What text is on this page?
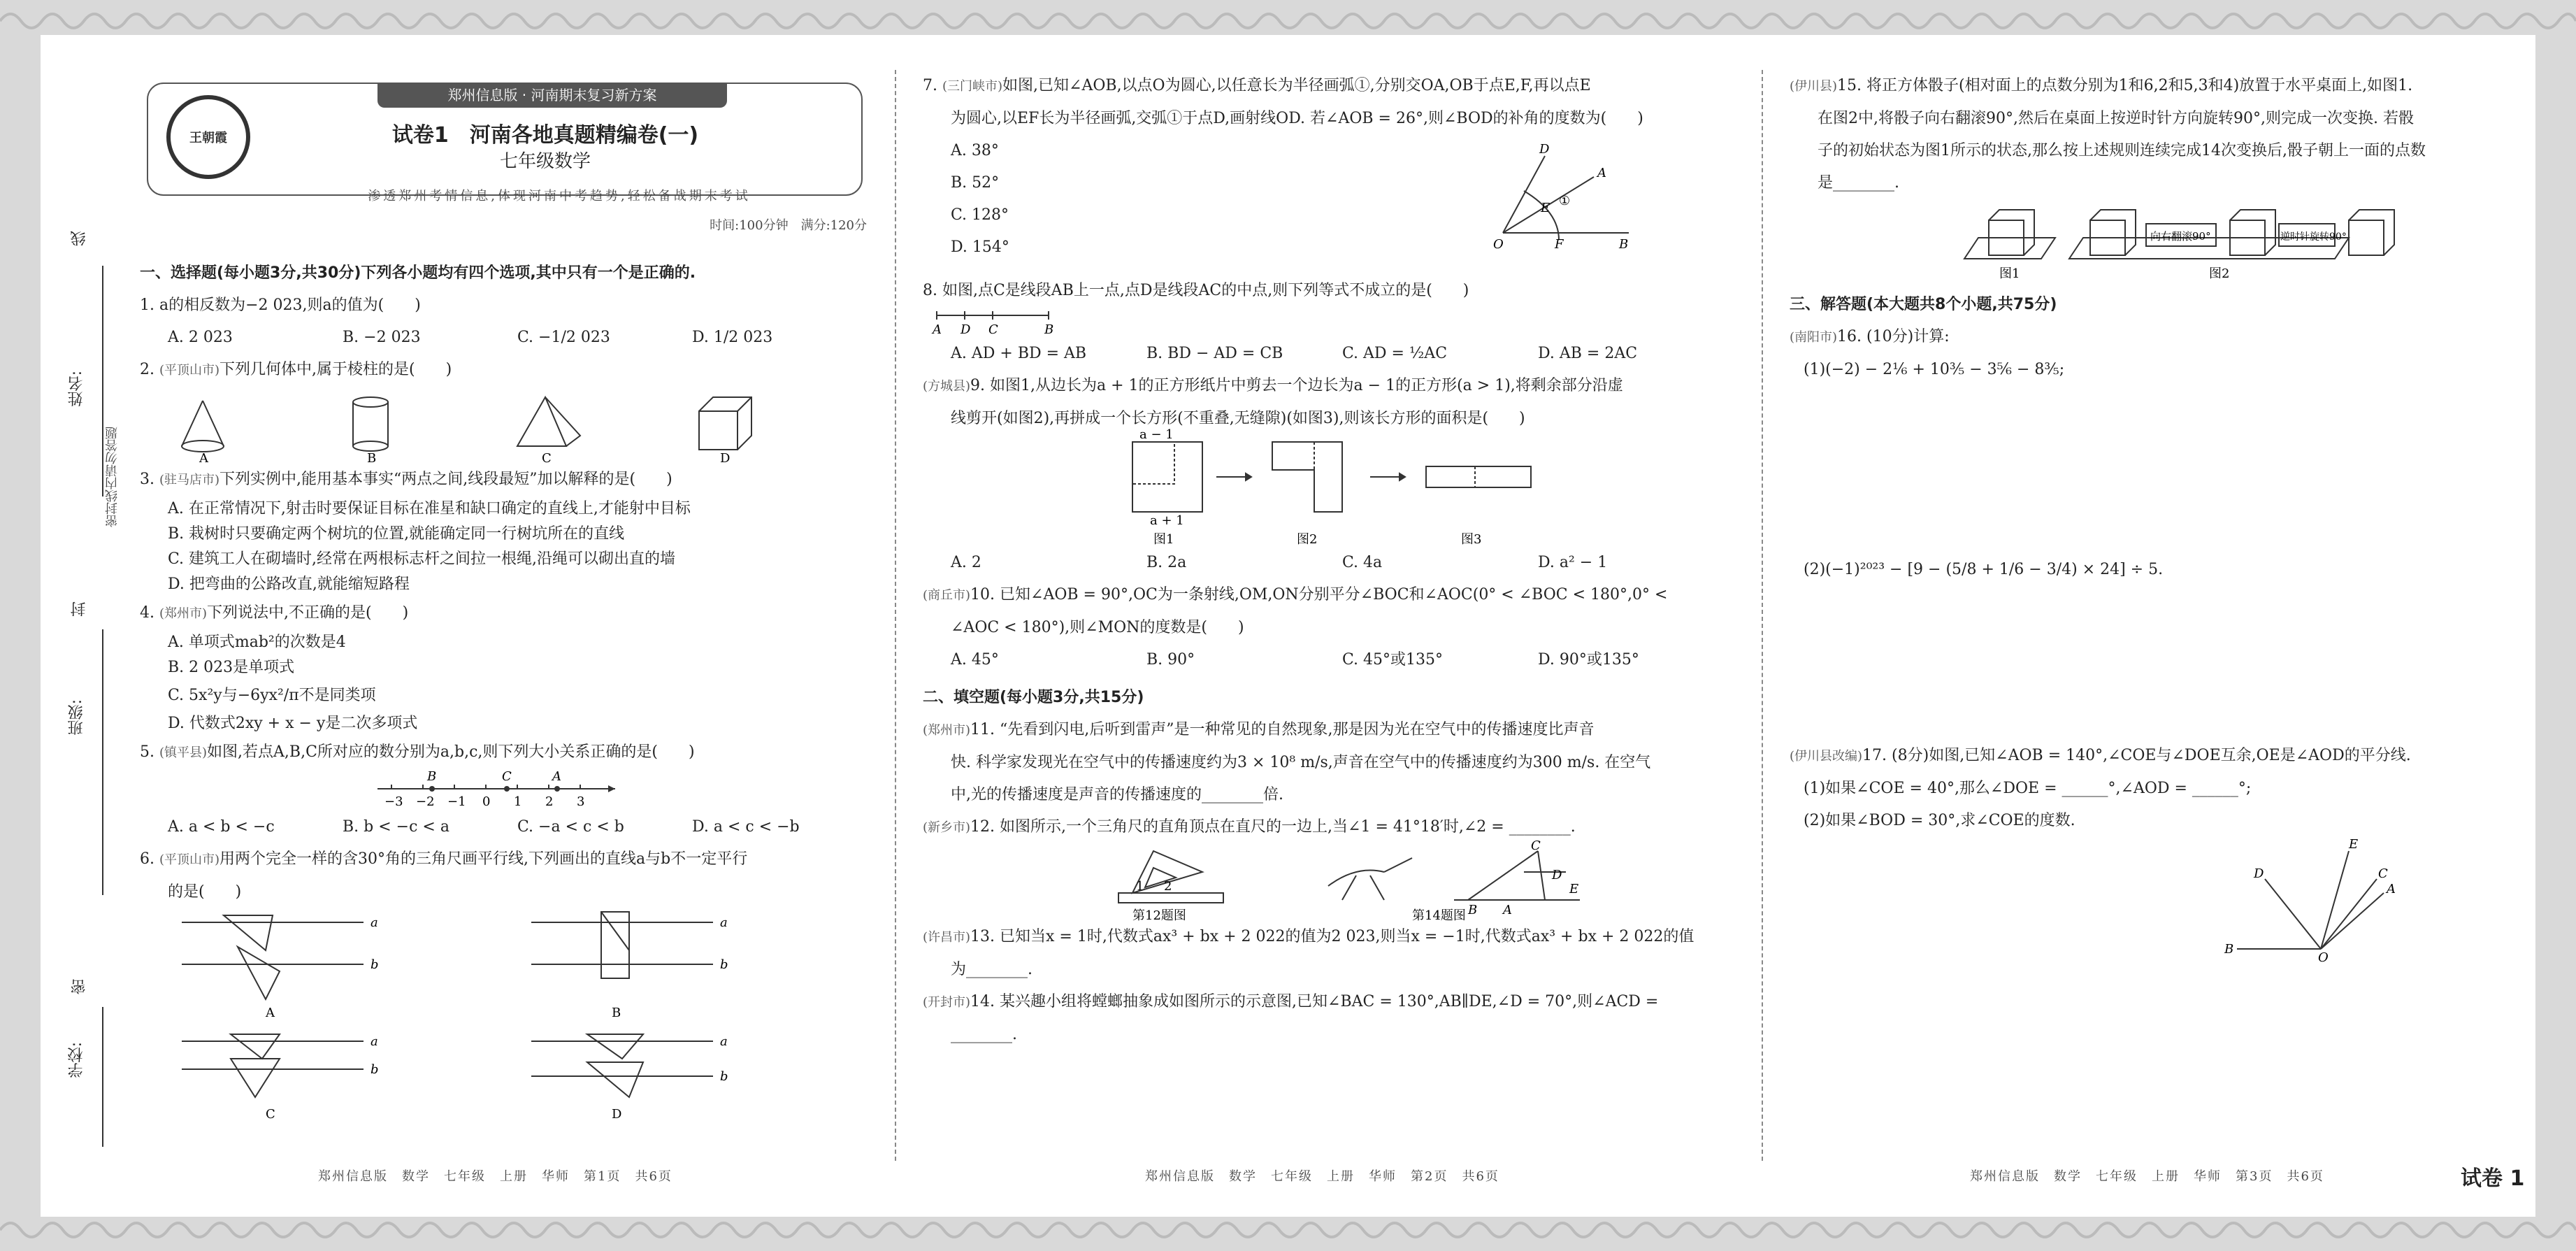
线
姓名:
密封线内请勿答题
封
班级:
密
学校:
郑州信息版 · 河南期末复习新方案
王朝霞	试卷1　河南各地真题精编卷(一)
七年级数学
渗透郑州考情信息,体现河南中考趋势,轻松备战期末考试
时间:100分钟　满分:120分
一、选择题(每小题3分,共30分)下列各小题均有四个选项,其中只有一个是正确的.
1. a的相反数为−2 023,则a的值为(　　)
A. 2 023	B. −2 023	C. −1/2 023	D. 1/2 023
2. (平顶山市)下列几何体中,属于棱柱的是(　　)
A	B	C	D
3. (驻马店市)下列实例中,能用基本事实“两点之间,线段最短”加以解释的是(　　)
A. 在正常情况下,射击时要保证目标在准星和缺口确定的直线上,才能射中目标
B. 栽树时只要确定两个树坑的位置,就能确定同一行树坑所在的直线
C. 建筑工人在砌墙时,经常在两根标志杆之间拉一根绳,沿绳可以砌出直的墙
D. 把弯曲的公路改直,就能缩短路程
4. (郑州市)下列说法中,不正确的是(　　)
A. 单项式mab²的次数是4
B. 2 023是单项式
C. 5x²y与−6yx²/π不是同类项
D. 代数式2xy + x − y是二次多项式
5. (镇平县)如图,若点A,B,C所对应的数分别为a,b,c,则下列大小关系正确的是(　　)
−3 −2 −1 0 1 2 3
B	C	A
A. a < b < −c	B. b < −c < a	C. −a < c < b	D. a < c < −b
6. (平顶山市)用两个完全一样的含30°角的三角尺画平行线,下列画出的直线a与b不一定平行
的是(　　)
a
b
A
a
b
B
a
b
C
a
b
D
7. (三门峡市)如图,已知∠AOB,以点O为圆心,以任意长为半径画弧①,分别交OA,OB于点E,F,再以点E
为圆心,以EF长为半径画弧,交弧①于点D,画射线OD. 若∠AOB = 26°,则∠BOD的补角的度数为(　　)
A. 38°
B. 52°
C. 128°
D. 154°
D
A
E ①
O	F	B
8. 如图,点C是线段AB上一点,点D是线段AC的中点,则下列等式不成立的是(　　)
A D C	B
A. AD + BD = AB	B. BD − AD = CB	C. AD = ½AC	D. AB = 2AC
(方城县)9. 如图1,从边长为a + 1的正方形纸片中剪去一个边长为a − 1的正方形(a > 1),将剩余部分沿虚
线剪开(如图2),再拼成一个长方形(不重叠,无缝隙)(如图3),则该长方形的面积是(　　)
a − 1
a + 1
图1	图2	图3
A. 2	B. 2a	C. 4a	D. a² − 1
(商丘市)10. 已知∠AOB = 90°,OC为一条射线,OM,ON分别平分∠BOC和∠AOC(0° < ∠BOC < 180°,0° <
∠AOC < 180°),则∠MON的度数是(　　)
A. 45°	B. 90°	C. 45°或135°	D. 90°或135°
二、填空题(每小题3分,共15分)
(郑州市)11. “先看到闪电,后听到雷声”是一种常见的自然现象,那是因为光在空气中的传播速度比声音
快. 科学家发现光在空气中的传播速度约为3 × 10⁸ m/s,声音在空气中的传播速度约为300 m/s. 在空气
中,光的传播速度是声音的传播速度的________倍.
(新乡市)12. 如图所示,一个三角尺的直角顶点在直尺的一边上,当∠1 = 41°18′时,∠2 = ________.
1 2
第12题图
C
B A
D
E
第14题图
(许昌市)13. 已知当x = 1时,代数式ax³ + bx + 2 022的值为2 023,则当x = −1时,代数式ax³ + bx + 2 022的值
为________.
(开封市)14. 某兴趣小组将螳螂抽象成如图所示的示意图,已知∠BAC = 130°,AB∥DE,∠D = 70°,则∠ACD =
________.
(伊川县)15. 将正方体骰子(相对面上的点数分别为1和6,2和5,3和4)放置于水平桌面上,如图1.
在图2中,将骰子向右翻滚90°,然后在桌面上按逆时针方向旋转90°,则完成一次变换. 若骰
子的初始状态为图1所示的状态,那么按上述规则连续完成14次变换后,骰子朝上一面的点数
是________.
图1
向右翻滚90°	逆时针旋转90°
图2
三、解答题(本大题共8个小题,共75分)
(南阳市)16. (10分)计算:
(1)(−2) − 2⅙ + 10⅗ − 3⅚ − 8⅗;
(2)(−1)²⁰²³ − [9 − (5/8 + 1/6 − 3/4) × 24] ÷ 5.
(伊川县改编)17. (8分)如图,已知∠AOB = 140°,∠COE与∠DOE互余,OE是∠AOD的平分线.
(1)如果∠COE = 40°,那么∠DOE = ______°,∠AOD = ______°;
(2)如果∠BOD = 30°,求∠COE的度数.
E
C
A
D
B
O
郑州信息版　数学　七年级　上册　华师　第1页　共6页	郑州信息版　数学　七年级　上册　华师　第2页　共6页	郑州信息版　数学　七年级　上册　华师　第3页　共6页	试卷 1
